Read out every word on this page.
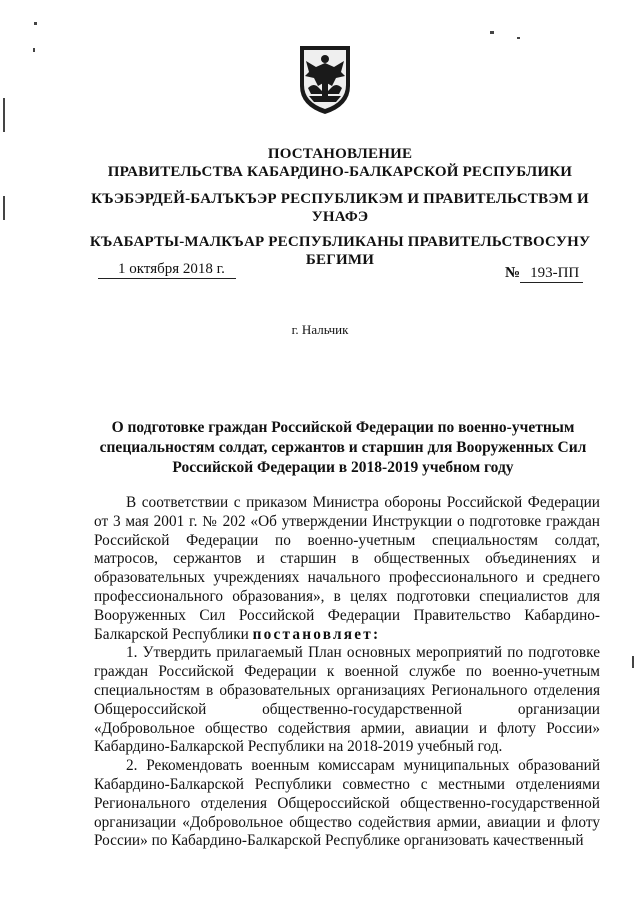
ПОСТАНОВЛЕНИЕ
ПРАВИТЕЛЬСТВА КАБАРДИНО-БАЛКАРСКОЙ РЕСПУБЛИКИ
КЪЭБЭРДЕЙ-БАЛЪКЪЭР РЕСПУБЛИКЭМ И ПРАВИТЕЛЬСТВЭМ И
УНАФЭ
КЪАБАРТЫ-МАЛКЪАР РЕСПУБЛИКАНЫ ПРАВИТЕЛЬСТВОСУНУ
БЕГИМИ
1 октября 2018 г.	№ 193-ПП
г. Нальчик
О подготовке граждан Российской Федерации по военно-учетным
специальностям солдат, сержантов и старшин для Вооруженных Сил
Российской Федерации в 2018-2019 учебном году

В соответствии с приказом Министра обороны Российской Федерации от 3 мая 2001 г. № 202 «Об утверждении Инструкции о подготовке граждан Российской Федерации по военно-учетным специальностям солдат, матросов, сержантов и старшин в общественных объединениях и образовательных учреждениях начального профессионального и среднего профессионального образования», в целях подготовки специалистов для Вооруженных Сил Российской Федерации Правительство Кабардино-Балкарской Республики постановляет:

1. Утвердить прилагаемый План основных мероприятий по подготовке граждан Российской Федерации к военной службе по военно-учетным специальностям в образовательных организациях Регионального отделения Общероссийской общественно-государственной организации «Добровольное общество содействия армии, авиации и флоту России» Кабардино-Балкарской Республики на 2018-2019 учебный год.

2. Рекомендовать военным комиссарам муниципальных образований Кабардино-Балкарской Республики совместно с местными отделениями Регионального отделения Общероссийской общественно-государственной организации «Добровольное общество содействия армии, авиации и флоту России» по Кабардино-Балкарской Республике организовать качественный
